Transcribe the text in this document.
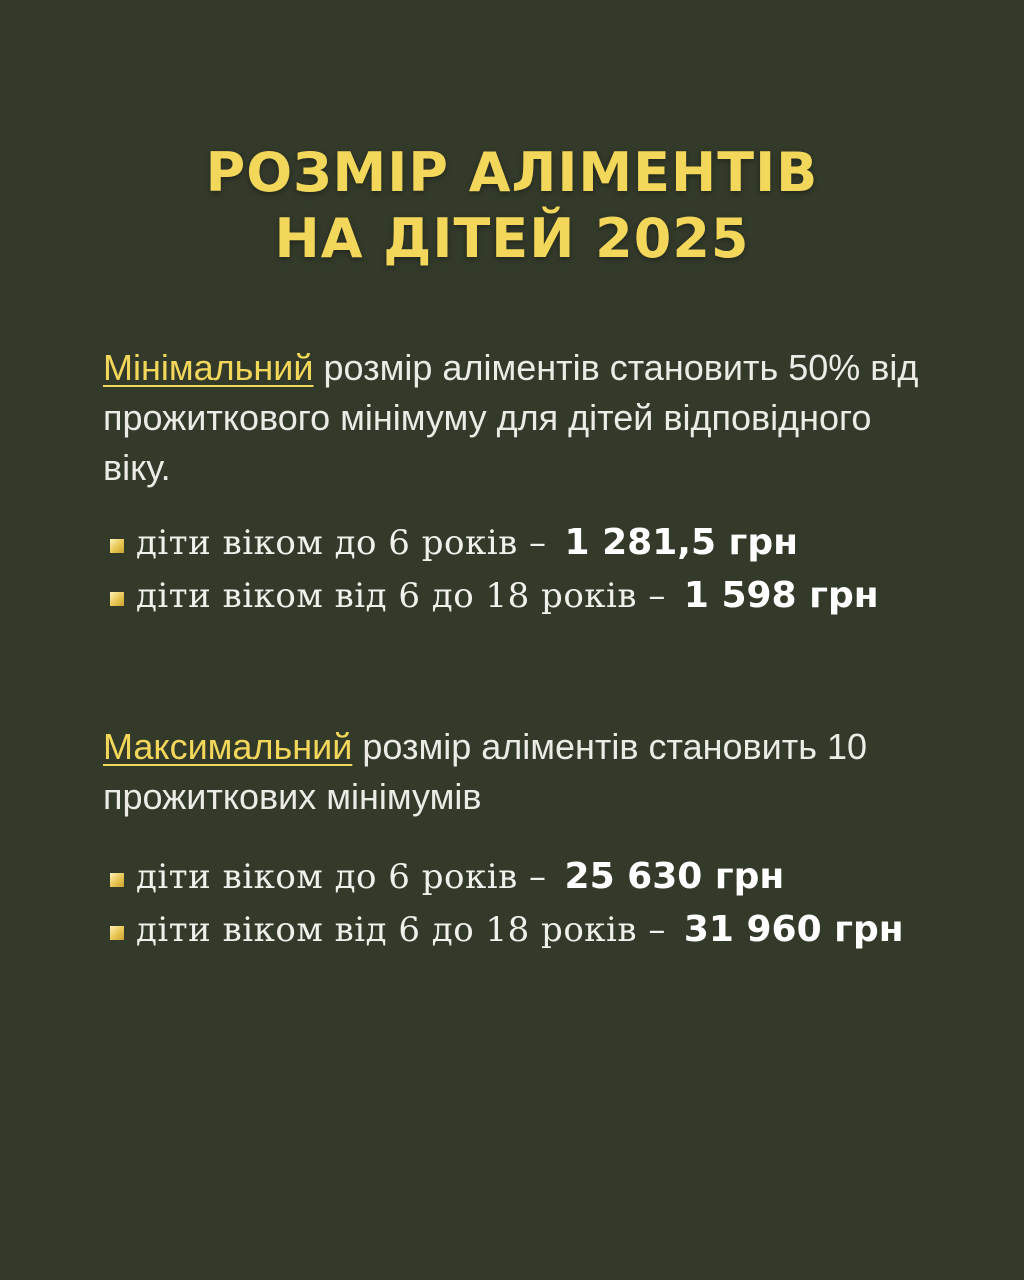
РОЗМІР АЛІМЕНТІВ
НА ДІТЕЙ 2025

Мінімальний розмір аліментів становить 50% від прожиткового мінімуму для дітей відповідного віку.

діти віком до 6 років – 1 281,5 грн
діти віком від 6 до 18 років – 1 598 грн

Максимальний розмір аліментів становить 10 прожиткових мінімумів

діти віком до 6 років – 25 630 грн
діти віком від 6 до 18 років – 31 960 грн
